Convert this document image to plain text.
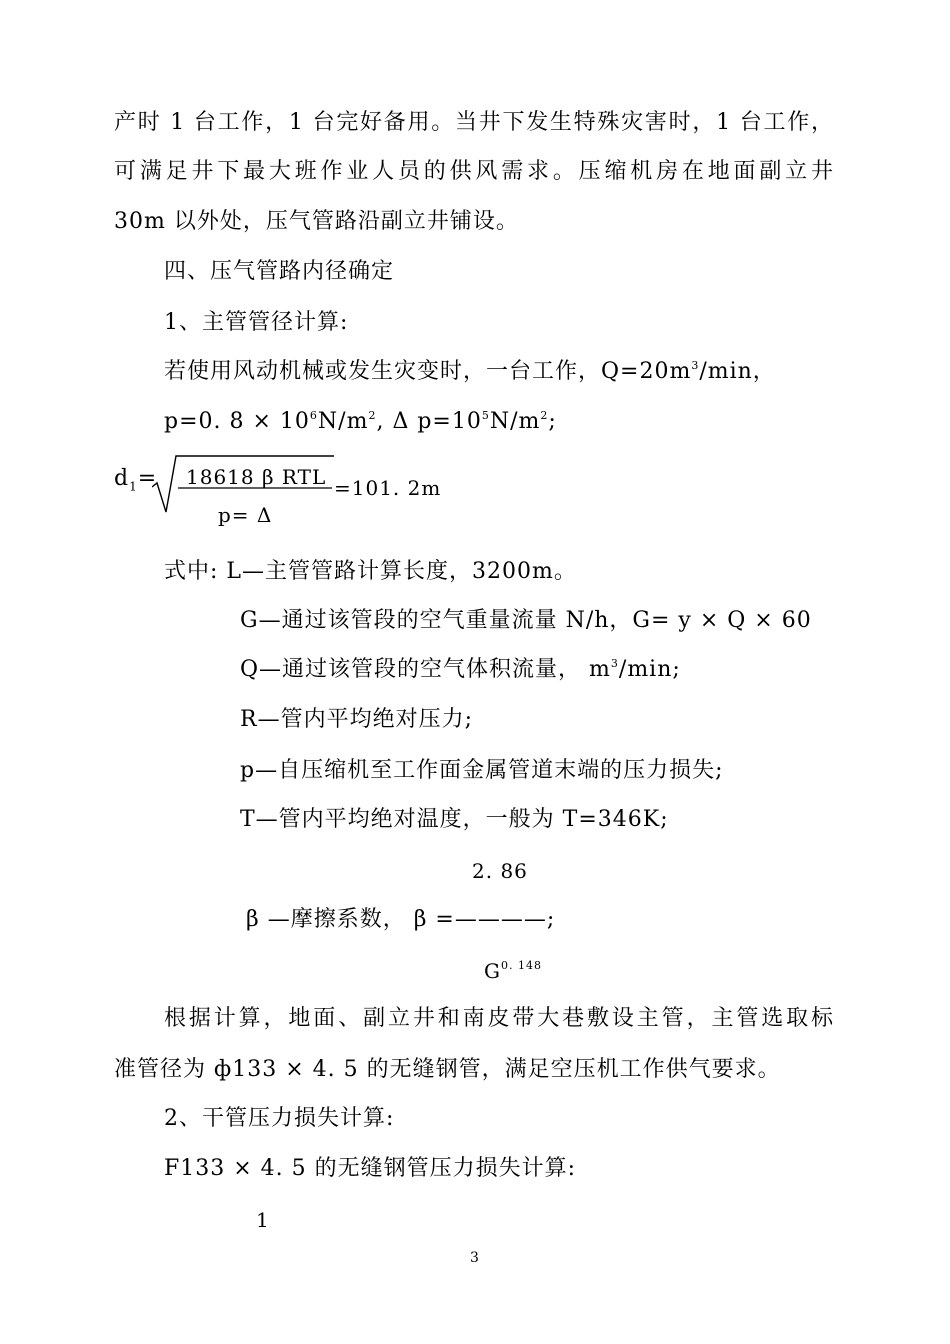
产时 1 台工作，1 台完好备用。当井下发生特殊灾害时，1 台工作，
可满足井下最大班作业人员的供风需求。压缩机房在地面副立井
30m 以外处，压气管路沿副立井铺设。
四、压气管路内径确定
1、主管管径计算:
若使用风动机械或发生灾变时，一台工作，$Q=20m^3/\min$，
p=0. $8 \times 10^6N/m^2$, Δ $p=10^5N/m^2$;
$d_1= 18618$ β RTL
p= Δ
=101. 2m
式中: L—主管管路计算长度，3200m。
G—通过该管段的空气重量流量 N/h，G= y × Q × 60
Q—通过该管段的空气体积流量， $m^3/\min$;
R—管内平均绝对压力;
p—自压缩机至工作面金属管道末端的压力损失;
T—管内平均绝对温度，一般为 T=346K;
2. 86
β —摩擦系数， β =————;
$G^{0. 148}$
根据计算，地面、副立井和南皮带大巷敷设主管，主管选取标
准管径为 ф133 × 4. 5 的无缝钢管，满足空压机工作供气要求。
2、干管压力损失计算:
F133 × 4. 5 的无缝钢管压力损失计算:
1
3
